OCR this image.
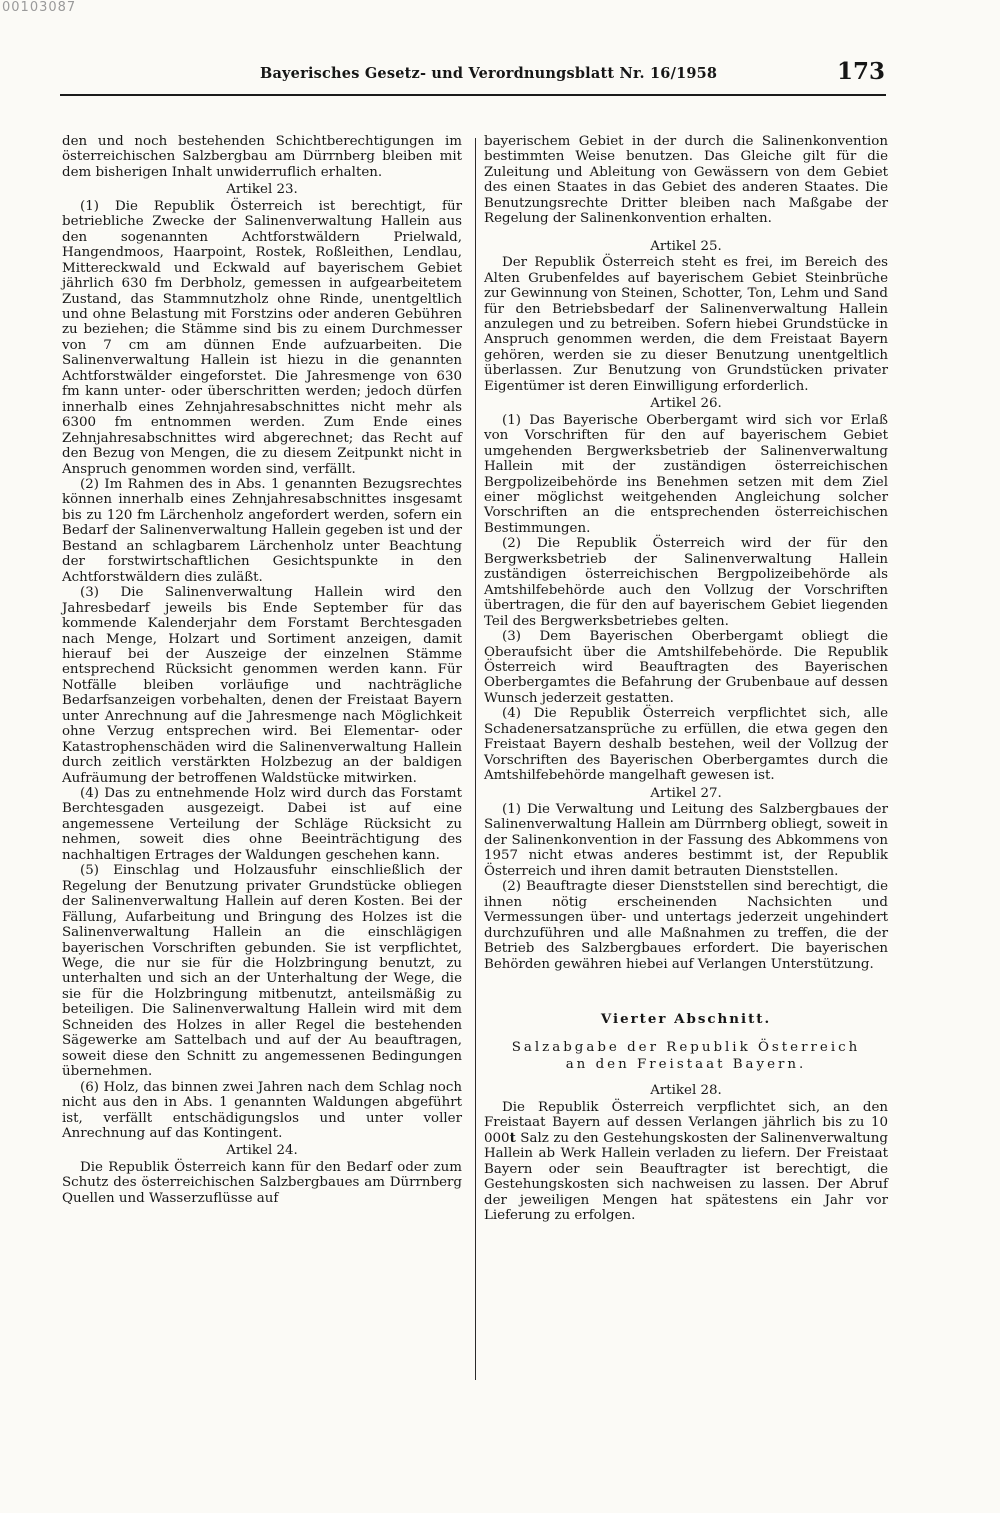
00103087
Bayerisches Gesetz- und Verordnungsblatt Nr. 16/1958	173

den und noch bestehenden Schichtberechtigungen im österreichischen Salzbergbau am Dürrnberg bleiben mit dem bisherigen Inhalt unwiderruflich erhalten.

Artikel 23.

(1) Die Republik Österreich ist berechtigt, für betriebliche Zwecke der Salinenverwaltung Hallein aus den sogenannten Achtforstwäldern Prielwald, Hangendmoos, Haarpoint, Rostek, Roßleithen, Lendlau, Mittereckwald und Eckwald auf bayerischem Gebiet jährlich 630 fm Derbholz, gemessen in aufgearbeitetem Zustand, das Stammnutzholz ohne Rinde, unentgeltlich und ohne Belastung mit Forstzins oder anderen Gebühren zu beziehen; die Stämme sind bis zu einem Durchmesser von 7 cm am dünnen Ende aufzuarbeiten. Die Salinenverwaltung Hallein ist hiezu in die genannten Achtforstwälder eingeforstet. Die Jahresmenge von 630 fm kann unter- oder überschritten werden; jedoch dürfen innerhalb eines Zehnjahresabschnittes nicht mehr als 6300 fm entnommen werden. Zum Ende eines Zehnjahresabschnittes wird abgerechnet; das Recht auf den Bezug von Mengen, die zu diesem Zeitpunkt nicht in Anspruch genommen worden sind, verfällt.

(2) Im Rahmen des in Abs. 1 genannten Bezugsrechtes können innerhalb eines Zehnjahresabschnittes insgesamt bis zu 120 fm Lärchenholz angefordert werden, sofern ein Bedarf der Salinenverwaltung Hallein gegeben ist und der Bestand an schlagbarem Lärchenholz unter Beachtung der forstwirtschaftlichen Gesichtspunkte in den Achtforstwäldern dies zuläßt.

(3) Die Salinenverwaltung Hallein wird den Jahresbedarf jeweils bis Ende September für das kommende Kalenderjahr dem Forstamt Berchtesgaden nach Menge, Holzart und Sortiment anzeigen, damit hierauf bei der Auszeige der einzelnen Stämme entsprechend Rücksicht genommen werden kann. Für Notfälle bleiben vorläufige und nachträgliche Bedarfsanzeigen vorbehalten, denen der Freistaat Bayern unter Anrechnung auf die Jahresmenge nach Möglichkeit ohne Verzug entsprechen wird. Bei Elementar- oder Katastrophenschäden wird die Salinenverwaltung Hallein durch zeitlich verstärkten Holzbezug an der baldigen Aufräumung der betroffenen Waldstücke mitwirken.

(4) Das zu entnehmende Holz wird durch das Forstamt Berchtesgaden ausgezeigt. Dabei ist auf eine angemessene Verteilung der Schläge Rücksicht zu nehmen, soweit dies ohne Beeinträchtigung des nachhaltigen Ertrages der Waldungen geschehen kann.

(5) Einschlag und Holzausfuhr einschließlich der Regelung der Benutzung privater Grundstücke obliegen der Salinenverwaltung Hallein auf deren Kosten. Bei der Fällung, Aufarbeitung und Bringung des Holzes ist die Salinenverwaltung Hallein an die einschlägigen bayerischen Vorschriften gebunden. Sie ist verpflichtet, Wege, die nur sie für die Holzbringung benutzt, zu unterhalten und sich an der Unterhaltung der Wege, die sie für die Holzbringung mitbenutzt, anteilsmäßig zu beteiligen. Die Salinenverwaltung Hallein wird mit dem Schneiden des Holzes in aller Regel die bestehenden Sägewerke am Sattelbach und auf der Au beauftragen, soweit diese den Schnitt zu angemessenen Bedingungen übernehmen.

(6) Holz, das binnen zwei Jahren nach dem Schlag noch nicht aus den in Abs. 1 genannten Waldungen abgeführt ist, verfällt entschädigungslos und unter voller Anrechnung auf das Kontingent.

Artikel 24.

Die Republik Österreich kann für den Bedarf oder zum Schutz des österreichischen Salzbergbaues am Dürrnberg Quellen und Wasserzuflüsse auf

bayerischem Gebiet in der durch die Salinenkonvention bestimmten Weise benutzen. Das Gleiche gilt für die Zuleitung und Ableitung von Gewässern von dem Gebiet des einen Staates in das Gebiet des anderen Staates. Die Benutzungsrechte Dritter bleiben nach Maßgabe der Regelung der Salinenkonvention erhalten.

Artikel 25.

Der Republik Österreich steht es frei, im Bereich des Alten Grubenfeldes auf bayerischem Gebiet Steinbrüche zur Gewinnung von Steinen, Schotter, Ton, Lehm und Sand für den Betriebsbedarf der Salinenverwaltung Hallein anzulegen und zu betreiben. Sofern hiebei Grundstücke in Anspruch genommen werden, die dem Freistaat Bayern gehören, werden sie zu dieser Benutzung unentgeltlich überlassen. Zur Benutzung von Grundstücken privater Eigentümer ist deren Einwilligung erforderlich.

Artikel 26.

(1) Das Bayerische Oberbergamt wird sich vor Erlaß von Vorschriften für den auf bayerischem Gebiet umgehenden Bergwerksbetrieb der Salinenverwaltung Hallein mit der zuständigen österreichischen Bergpolizeibehörde ins Benehmen setzen mit dem Ziel einer möglichst weitgehenden Angleichung solcher Vorschriften an die entsprechenden österreichischen Bestimmungen.

(2) Die Republik Österreich wird der für den Bergwerksbetrieb der Salinenverwaltung Hallein zuständigen österreichischen Bergpolizeibehörde als Amtshilfebehörde auch den Vollzug der Vorschriften übertragen, die für den auf bayerischem Gebiet liegenden Teil des Bergwerksbetriebes gelten.

(3) Dem Bayerischen Oberbergamt obliegt die Oberaufsicht über die Amtshilfebehörde. Die Republik Österreich wird Beauftragten des Bayerischen Oberbergamtes die Befahrung der Grubenbaue auf dessen Wunsch jederzeit gestatten.

(4) Die Republik Österreich verpflichtet sich, alle Schadenersatzansprüche zu erfüllen, die etwa gegen den Freistaat Bayern deshalb bestehen, weil der Vollzug der Vorschriften des Bayerischen Oberbergamtes durch die Amtshilfebehörde mangelhaft gewesen ist.

Artikel 27.

(1) Die Verwaltung und Leitung des Salzbergbaues der Salinenverwaltung Hallein am Dürrnberg obliegt, soweit in der Salinenkonvention in der Fassung des Abkommens von 1957 nicht etwas anderes bestimmt ist, der Republik Österreich und ihren damit betrauten Dienststellen.

(2) Beauftragte dieser Dienststellen sind berechtigt, die ihnen nötig erscheinenden Nachsichten und Vermessungen über- und untertags jederzeit ungehindert durchzuführen und alle Maßnahmen zu treffen, die der Betrieb des Salzbergbaues erfordert. Die bayerischen Behörden gewähren hiebei auf Verlangen Unterstützung.

Vierter Abschnitt.

Salzabgabe der Republik Österreich

an den Freistaat Bayern.

Artikel 28.

Die Republik Österreich verpflichtet sich, an den Freistaat Bayern auf dessen Verlangen jährlich bis zu 10 000t Salz zu den Gestehungskosten der Salinenverwaltung Hallein ab Werk Hallein verladen zu liefern. Der Freistaat Bayern oder sein Beauftragter ist berechtigt, die Gestehungskosten sich nachweisen zu lassen. Der Abruf der jeweiligen Mengen hat spätestens ein Jahr vor Lieferung zu erfolgen.
